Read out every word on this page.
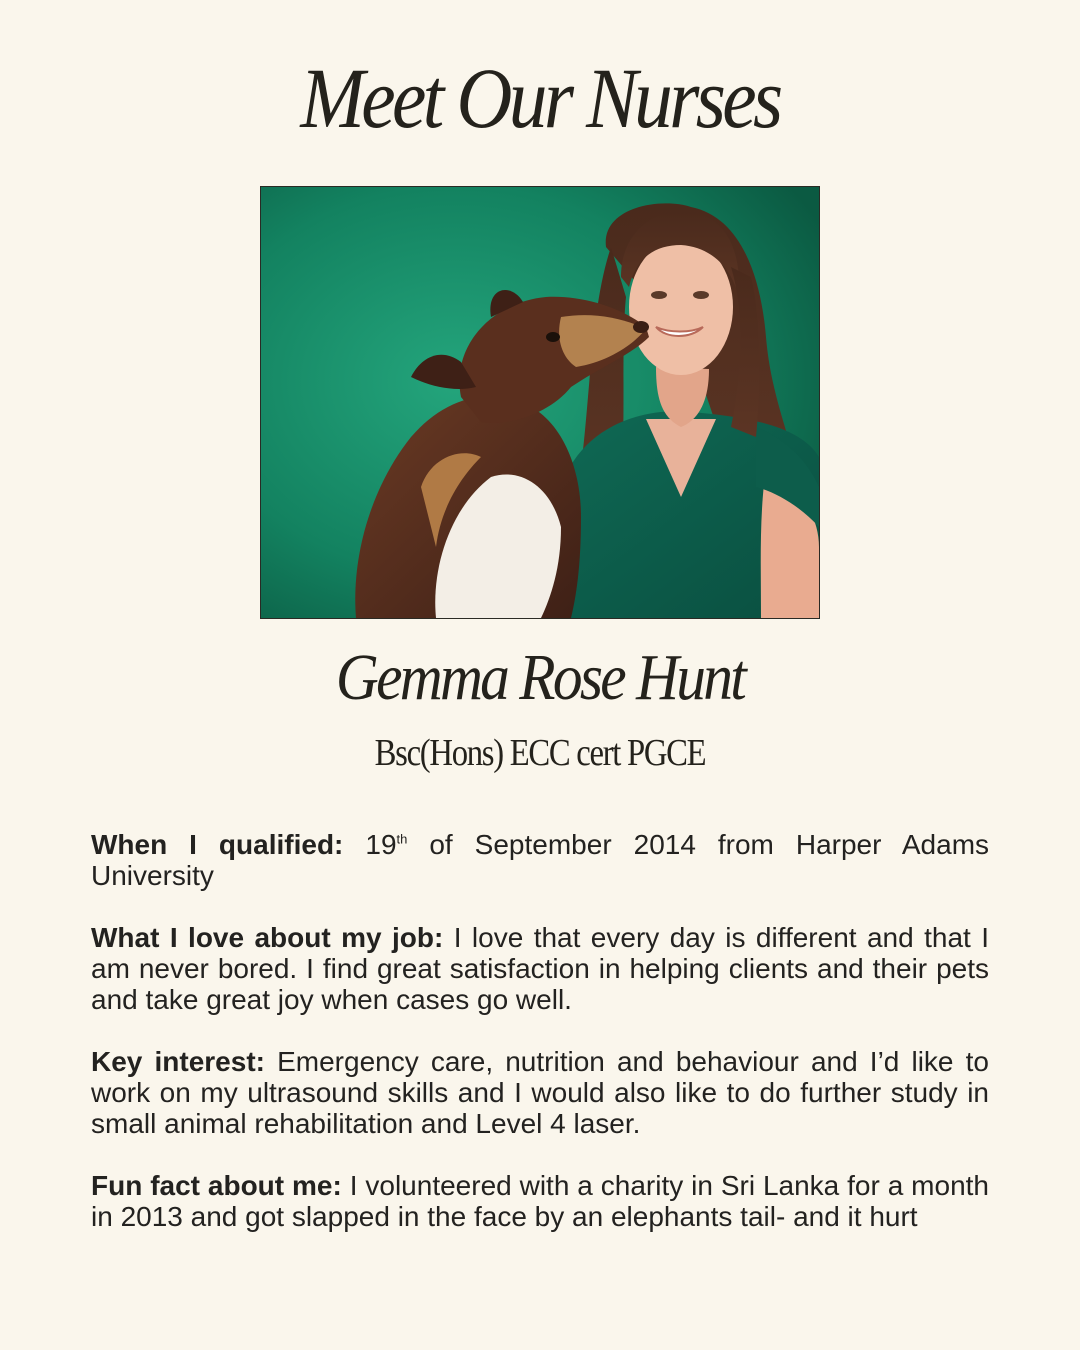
Meet Our Nurses
Gemma Rose Hunt
Bsc(Hons) ECC cert PGCE

When I qualified: 19th of September 2014 from Harper Adams University

What I love about my job: I love that every day is different and that I am never bored. I find great satisfaction in helping clients and their pets and take great joy when cases go well.

Key interest: Emergency care, nutrition and behaviour and I’d like to work on my ultrasound skills and I would also like to do further study in small animal rehabilitation and Level 4 laser.

Fun fact about me: I volunteered with a charity in Sri Lanka for a month in 2013 and got slapped in the face by an elephants tail- and it hurt
